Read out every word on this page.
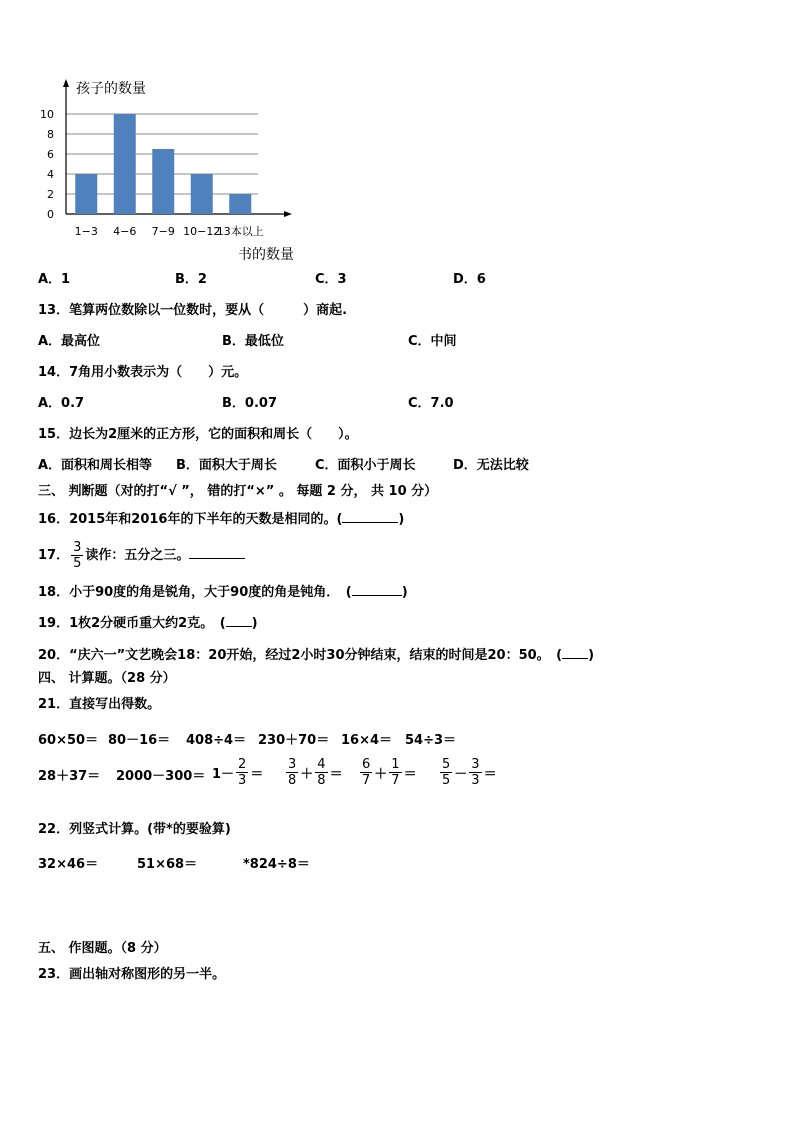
0
2
4
6
8
10
孩子的数量
1−3 4−6 7−9 10−12
13本以上
书的数量
A．1	B．2	C．3	D．6
13．笔算两位数除以一位数时，要从（　　　）商起.
A．最高位	B．最低位	C．中间
14．7角用小数表示为（　　）元。
A．0.7	B．0.07	C．7.0
15．边长为2厘米的正方形，它的面积和周长（　　）。
A．面积和周长相等 B．面积大于周长	C．面积小于周长	D．无法比较
三、 判断题（对的打“√ ”， 错的打“×” 。 每题 2 分， 共 10 分）
16．2015年和2016年的下半年的天数是相同的。(	)
17． $\frac{3}{5}$ 读作：五分之三。
18．小于90度的角是锐角，大于90度的角是钝角．　(	)
19．1枚2分硬币重大约2克。　( )
20．“庆六一”文艺晚会18：20开始，经过2小时30分钟结束，结束的时间是20：50。　( )
四、 计算题。（28 分）
21．直接写出得数。
60×50＝ 80－16＝ 408÷4＝ 230＋70＝ 16×4＝ 54÷3＝
$28+37= 2000-300= 1- \frac{2}{3} = \frac{3}{8} + \frac{4}{8} = \frac{6}{7} + \frac{1}{7} = \frac{5}{5} - \frac{3}{3}$ ＝
22．列竖式计算。(带*的要验算)
32×46＝	51×68＝	*824÷8＝
五、 作图题。（8 分）
23．画出轴对称图形的另一半。
